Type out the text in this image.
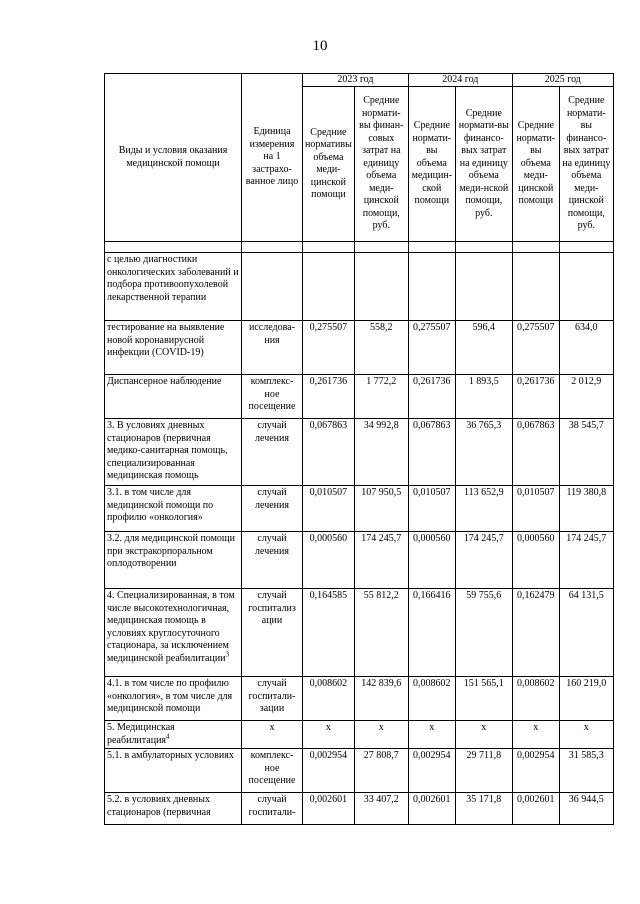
10
Виды и условия оказания медицинской помощи	Единица измерения на 1 застрахо-ванное лицо	2023 год		2024 год		2025 год	
		Средние нормативы объема меди-цинской помощи	Средние нормати-вы финан-совых затрат на единицу объема меди-цинской помощи, руб.	Средние нормати-вы объема медицин-ской помощи	Средние нормати-вы финансо-вых затрат на единицу объема меди-нской помощи, руб.	Средние нормати-вы объема меди-цинской помощи	Средние нормати-вы финансо-вых затрат на единицу объема меди-цинской помощи, руб.

с целью диагностики онкологических заболеваний и подбора противоопухолевой лекарственной терапии							
тестирование на выявление новой коронавирусной инфекции (COVID-19)	исследова-ния	0,275507	558,2	0,275507	596,4	0,275507	634,0
Диспансерное наблюдение	комплекс-ное посещение	0,261736	1 772,2	0,261736	1 893,5	0,261736	2 012,9
3. В условиях дневных стационаров (первичная медико-санитарная помощь, специализированная медицинская помощь	случай лечения	0,067863	34 992,8	0,067863	36 765,3	0,067863	38 545,7
3.1. в том числе для медицинской помощи по профилю «онкология»	случай лечения	0,010507	107 950,5	0,010507	113 652,9	0,010507	119 380,8
3.2. для медицинской помощи при экстракорпоральном оплодотворении	случай лечения	0,000560	174 245,7	0,000560	174 245,7	0,000560	174 245,7
4. Специализированная, в том числе высокотехнологичная, медицинская помощь в условиях круглосуточного стационара, за исключением медицинской реабилитации$^3$	случай госпитализ ации	0,164585	55 812,2	0,166416	59 755,6	0,162479	64 131,5
4.1. в том числе по профилю «онкология», в том числе для медицинской помощи	случай госпитали-зации	0,008602	142 839,6	0,008602	151 565,1	0,008602	160 219,0
5. Медицинская реабилитация$^4$	х	х	х	х	х	х	х
5.1. в амбулаторных условиях	комплекс-ное посещение	0,002954	27 808,7	0,002954	29 711,8	0,002954	31 585,3
5.2. в условиях дневных стационаров (первичная	случай госпитали-	0,002601	33 407,2	0,002601	35 171,8	0,002601	36 944,5
